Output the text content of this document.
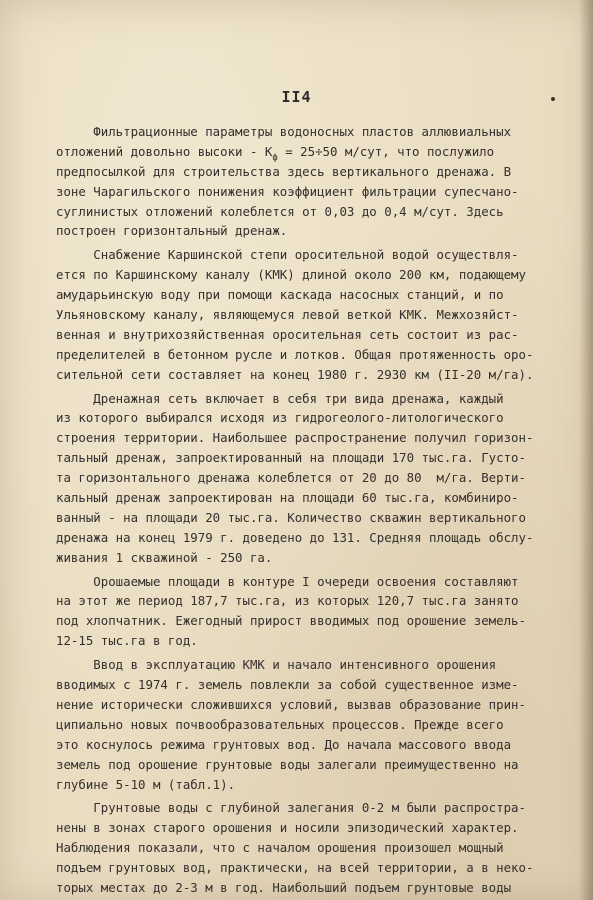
II4
Фильтрационные параметры водоносных пластов аллювиальных
отложений довольно высоки - $К_ф = 25\div 50$ м/сут, что послужило
предпосылкой для строительства здесь вертикального дренажа. В
зоне Чарагильского понижения коэффициент фильтрации супесчано-
суглинистых отложений колеблется от 0,03 до 0,4 м/сут. Здесь
построен горизонтальный дренаж.
Снабжение Каршинской степи оросительной водой осуществля-
ется по Каршинскому каналу (КМК) длиной около 200 км, подающему
амударьинскую воду при помощи каскада насосных станций, и по
Ульяновскому каналу, являющемуся левой веткой КМК. Межхозяйст-
венная и внутрихозяйственная оросительная сеть состоит из рас-
пределителей в бетонном русле и лотков. Общая протяженность оро-
сительной сети составляет на конец 1980 г. 2930 км (II-20 м/га).
Дренажная сеть включает в себя три вида дренажа, каждый
из которого выбирался исходя из гидрогеолого-литологического
строения территории. Наибольшее распространение получил горизон-
тальный дренаж, запроектированный на площади 170 тыс.га. Густо-
та горизонтального дренажа колеблется от 20 до 80  м/га. Верти-
кальный дренаж запроектирован на площади 60 тыс.га, комбиниро-
ванный - на площади 20 тыс.га. Количество скважин вертикального
дренажа на конец 1979 г. доведено до 131. Средняя площадь обслу-
живания 1 скважиной - 250 га.
Орошаемые площади в контуре I очереди освоения составляют
на этот же период 187,7 тыс.га, из которых 120,7 тыс.га занято
под хлопчатник. Ежегодный прирост вводимых под орошение земель-
12-15 тыс.га в год.
Ввод в эксплуатацию КМК и начало интенсивного орошения
вводимых с 1974 г. земель повлекли за собой существенное изме-
нение исторически сложившихся условий, вызвав образование прин-
ципиально новых почвообразовательных процессов. Прежде всего
это коснулось режима грунтовых вод. До начала массового ввода
земель под орошение грунтовые воды залегали преимущественно на
глубине 5-10 м (табл.1).
Грунтовые воды с глубиной залегания 0-2 м были распростра-
нены в зонах старого орошения и носили эпизодический характер.
Наблюдения показали, что с началом орошения произошел мощный
подъем грунтовых вод, практически, на всей территории, а в неко-
торых местах до 2-3 м в год. Наибольший подъем грунтовые воды
